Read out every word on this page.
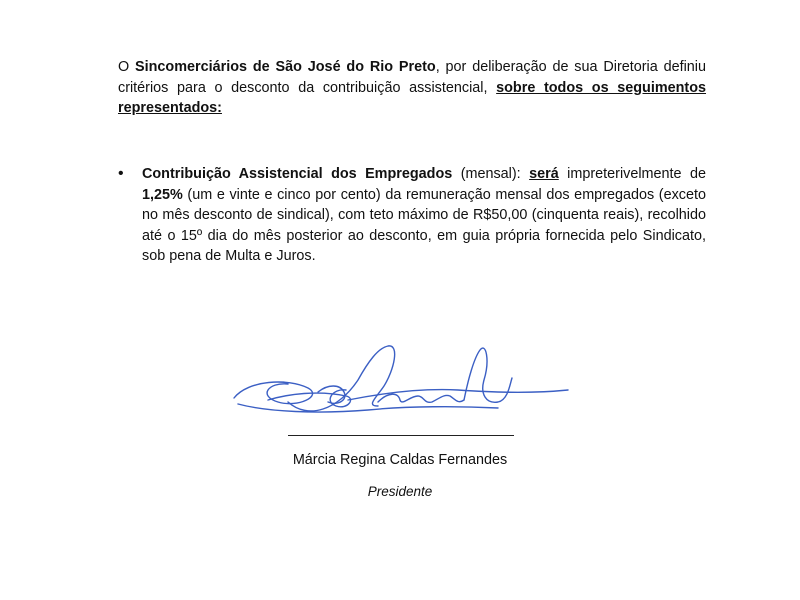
O Sincomerciários de São José do Rio Preto, por deliberação de sua Diretoria definiu critérios para o desconto da contribuição assistencial, sobre todos os seguimentos representados:

• Contribuição Assistencial dos Empregados (mensal): será impreterivelmente de 1,25% (um e vinte e cinco por cento) da remuneração mensal dos empregados (exceto no mês desconto de sindical), com teto máximo de R$50,00 (cinquenta reais), recolhido até o 15º dia do mês posterior ao desconto, em guia própria fornecida pelo Sindicato, sob pena de Multa e Juros.

Márcia Regina Caldas Fernandes
Presidente
